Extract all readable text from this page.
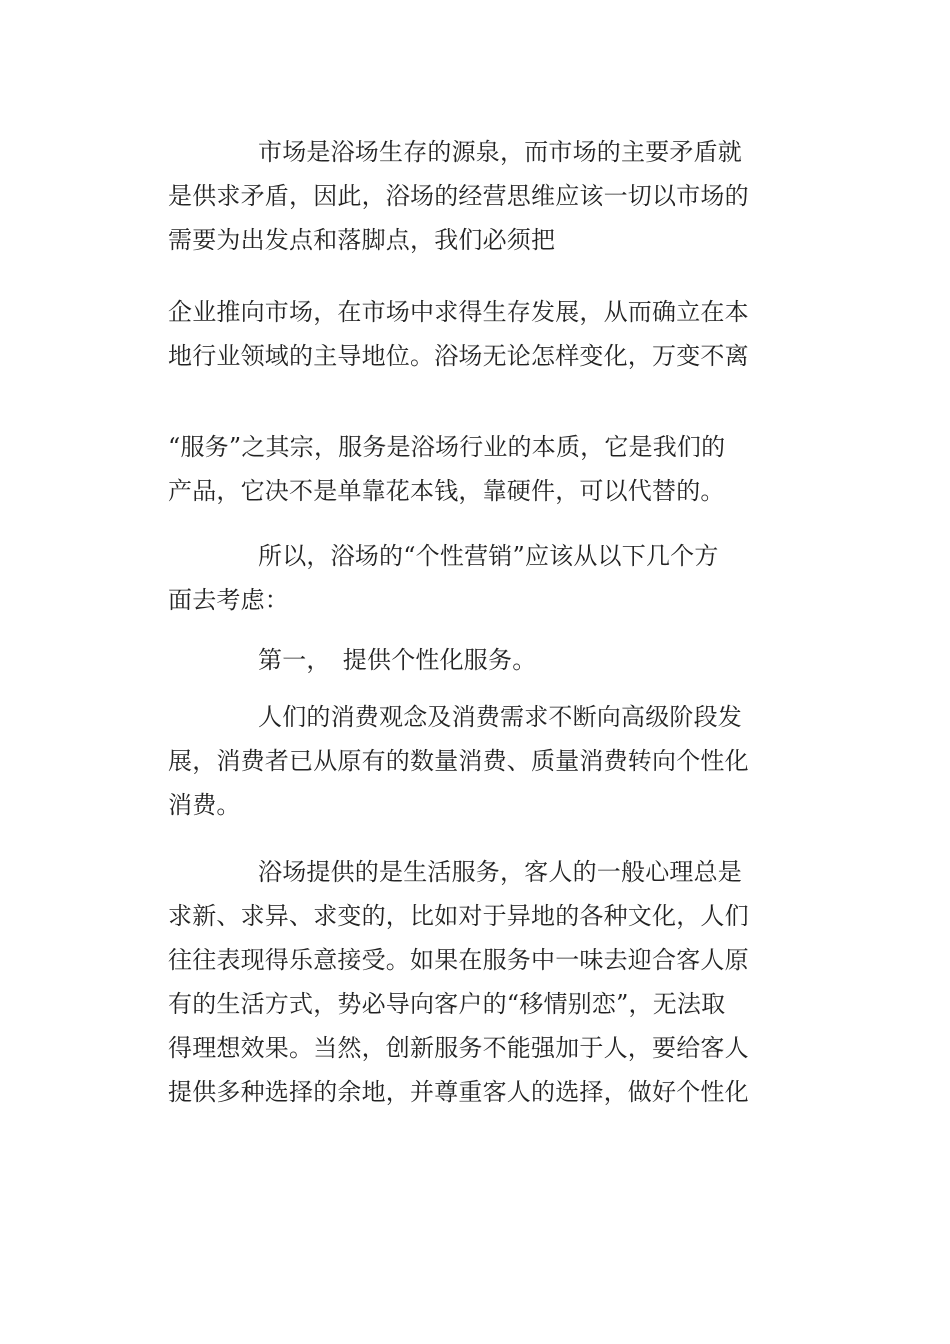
市场是浴场生存的源泉，而市场的主要矛盾就
是供求矛盾，因此，浴场的经营思维应该一切以市场的
需要为出发点和落脚点，我们必须把
企业推向市场，在市场中求得生存发展，从而确立在本
地行业领域的主导地位。浴场无论怎样变化，万变不离
“服务”之其宗，服务是浴场行业的本质，它是我们的
产品，它决不是单靠花本钱，靠硬件，可以代替的。
所以，浴场的“个性营销”应该从以下几个方
面去考虑：
第一，　提供个性化服务。
人们的消费观念及消费需求不断向高级阶段发
展，消费者已从原有的数量消费、质量消费转向个性化
消费。
浴场提供的是生活服务，客人的一般心理总是
求新、求异、求变的，比如对于异地的各种文化，人们
往往表现得乐意接受。如果在服务中一味去迎合客人原
有的生活方式，势必导向客户的“移情别恋”，无法取
得理想效果。当然，创新服务不能强加于人，要给客人
提供多种选择的余地，并尊重客人的选择，做好个性化
